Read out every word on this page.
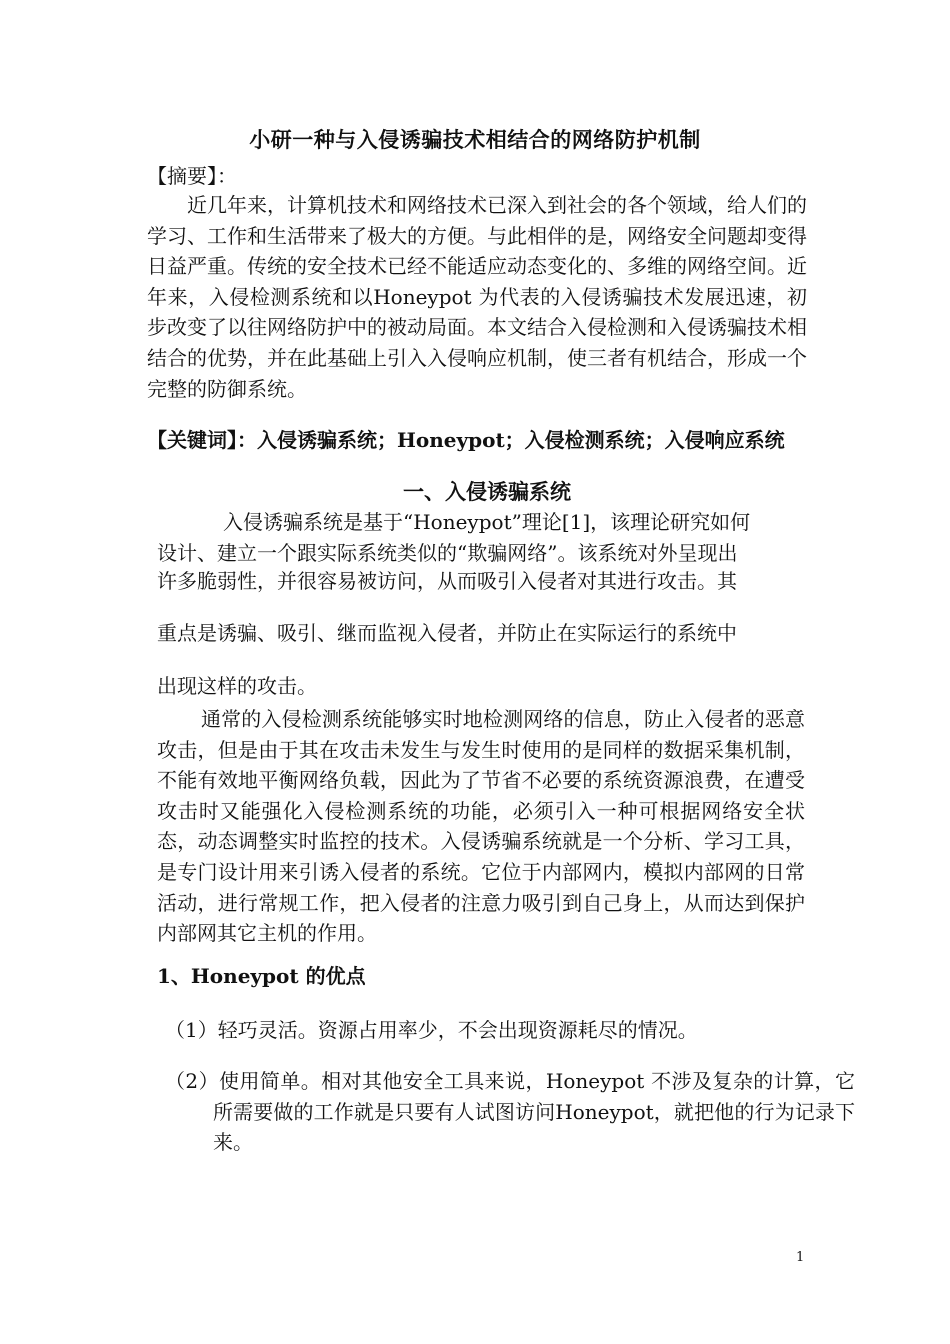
小研一种与入侵诱骗技术相结合的网络防护机制
【摘要】：
近几年来，计算机技术和网络技术已深入到社会的各个领域，给人们的学习、工作和生活带来了极大的方便。与此相伴的是，网络安全问题却变得日益严重。传统的安全技术已经不能适应动态变化的、多维的网络空间。近年来，入侵检测系统和以Honeypot 为代表的入侵诱骗技术发展迅速，初步改变了以往网络防护中的被动局面。本文结合入侵检测和入侵诱骗技术相结合的优势，并在此基础上引入入侵响应机制，使三者有机结合，形成一个完整的防御系统。
【关键词】：入侵诱骗系统；Honeypot；入侵检测系统；入侵响应系统
一、入侵诱骗系统
入侵诱骗系统是基于“Honeypot”理论[1]，该理论研究如何
设计、建立一个跟实际系统类似的“欺骗网络”。该系统对外呈现出
许多脆弱性，并很容易被访问，从而吸引入侵者对其进行攻击。其
重点是诱骗、吸引、继而监视入侵者，并防止在实际运行的系统中
出现这样的攻击。
通常的入侵检测系统能够实时地检测网络的信息，防止入侵者的恶意攻击，但是由于其在攻击未发生与发生时使用的是同样的数据采集机制，不能有效地平衡网络负载，因此为了节省不必要的系统资源浪费，在遭受攻击时又能强化入侵检测系统的功能，必须引入一种可根据网络安全状态，动态调整实时监控的技术。入侵诱骗系统就是一个分析、学习工具，是专门设计用来引诱入侵者的系统。它位于内部网内，模拟内部网的日常活动，进行常规工作，把入侵者的注意力吸引到自己身上，从而达到保护内部网其它主机的作用。
1、Honeypot 的优点
（1）轻巧灵活。资源占用率少，不会出现资源耗尽的情况。
（2）使用简单。相对其他安全工具来说，Honeypot 不涉及复杂的计算，它所需要做的工作就是只要有人试图访问Honeypot，就把他的行为记录下来。
1
